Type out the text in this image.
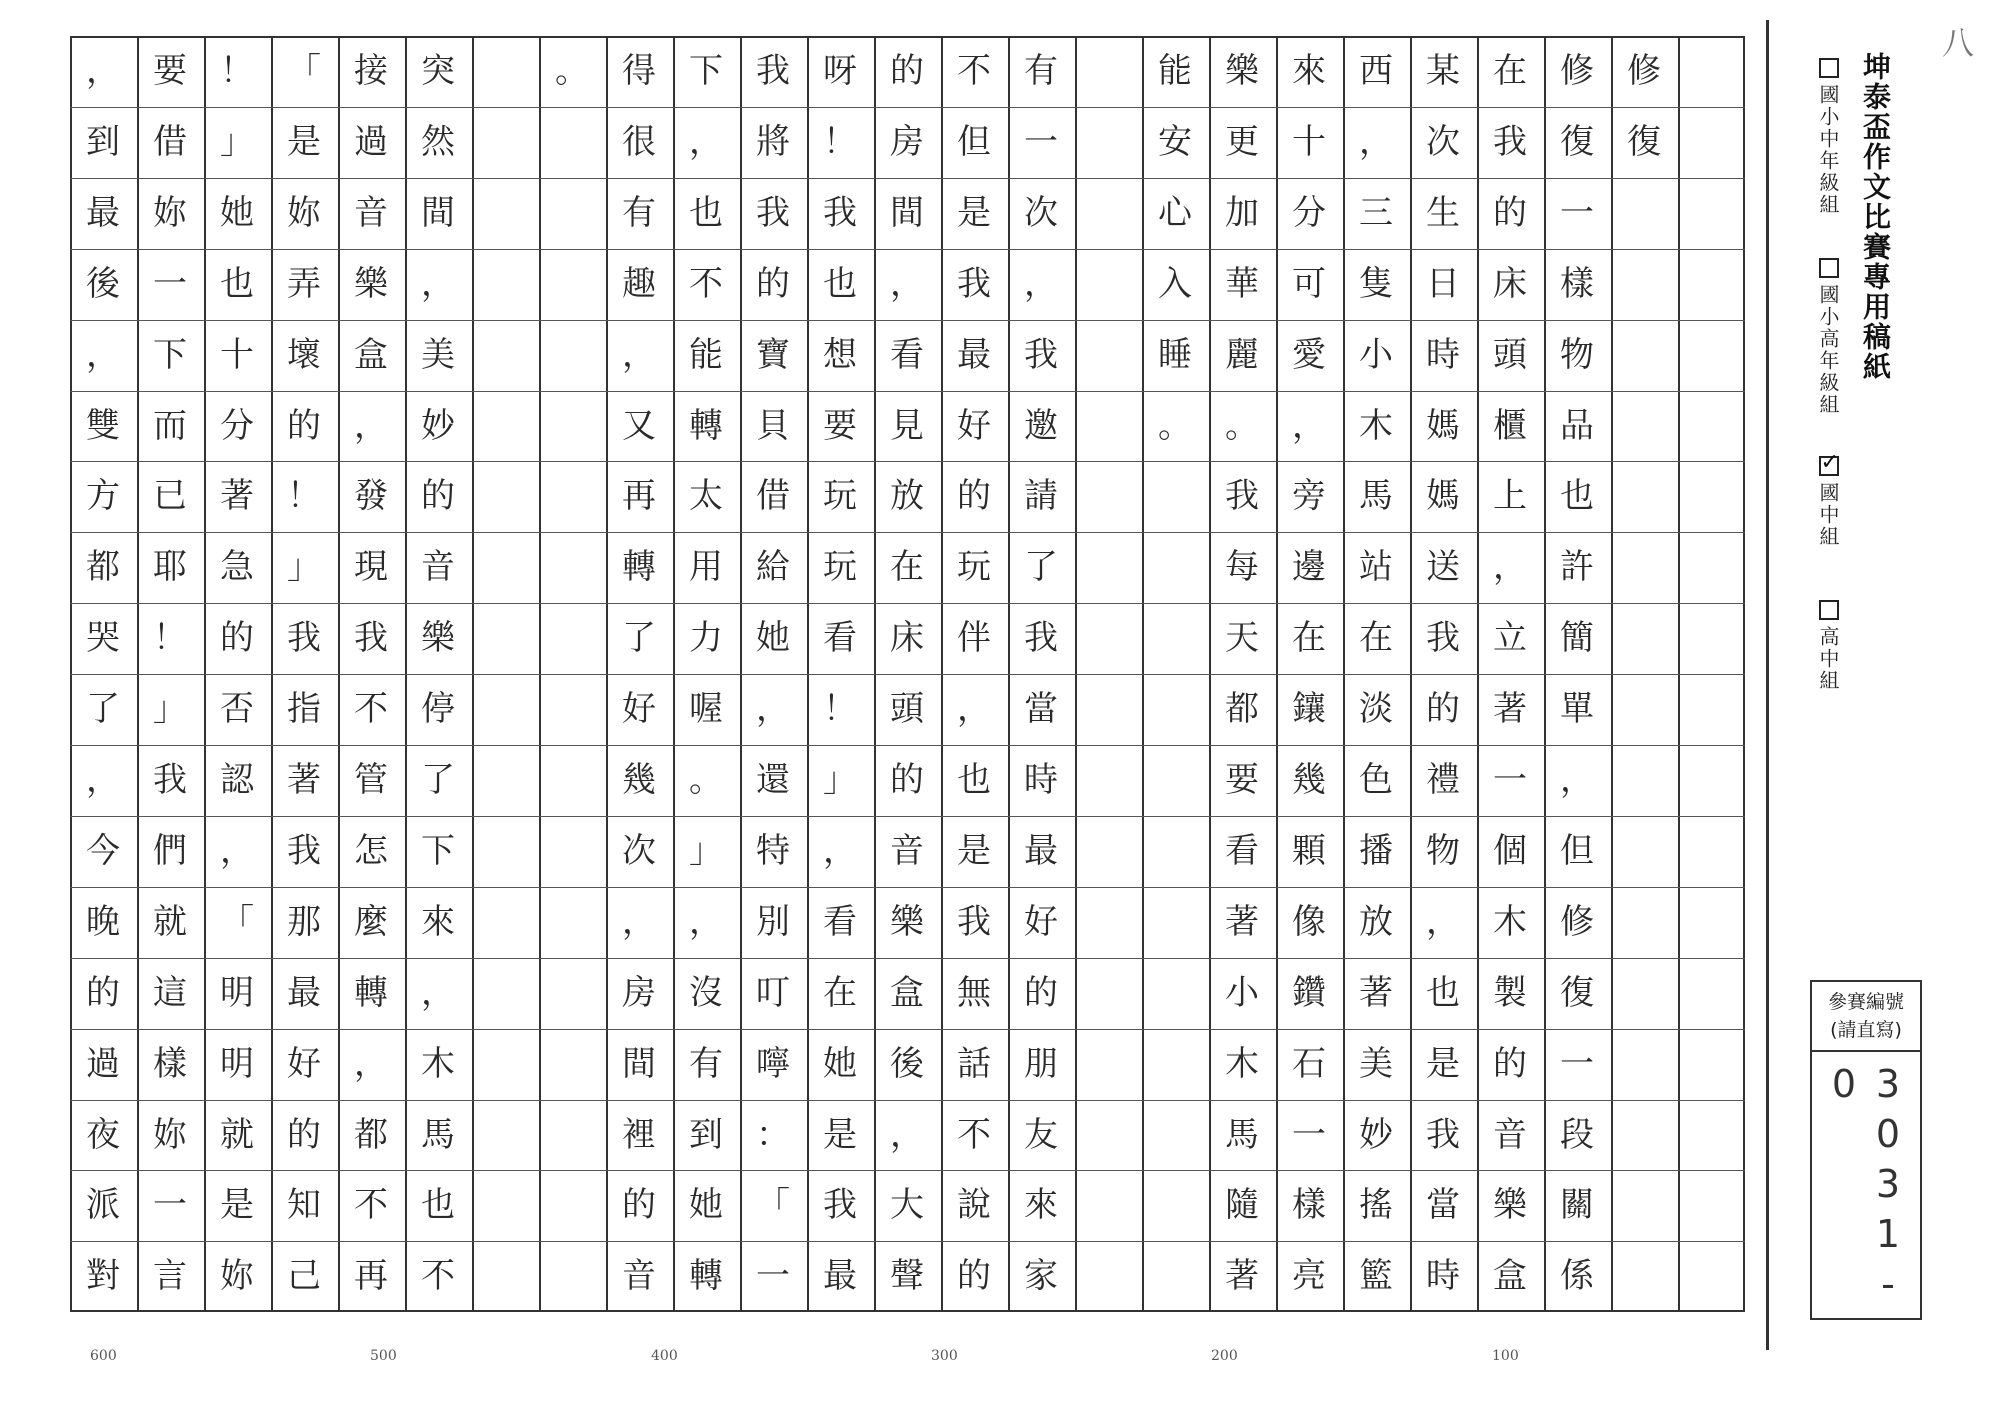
修
復
修
復
一
樣
物
品
也
許
簡
單
，
但
修
復
一
段
關
係
在
我
的
床
頭
櫃
上
，
立
著
一
個
木
製
的
音
樂
盒
某
次
生
日
時
媽
媽
送
我
的
禮
物
，
也
是
我
當
時
西
，
三
隻
小
木
馬
站
在
淡
色
播
放
著
美
妙
搖
籃
來
十
分
可
愛
，
旁
邊
在
鑲
幾
顆
像
鑽
石
一
樣
亮
樂
更
加
華
麗
。
我
每
天
都
要
看
著
小
木
馬
隨
著
能
安
心
入
睡
。
有
一
次
，
我
邀
請
了
我
當
時
最
好
的
朋
友
來
家
不
但
是
我
最
好
的
玩
伴
，
也
是
我
無
話
不
說
的
的
房
間
，
看
見
放
在
床
頭
的
音
樂
盒
後
，
大
聲
呀
！
我
也
想
要
玩
玩
看
！
」
，
看
在
她
是
我
最
我
將
我
的
寶
貝
借
給
她
，
還
特
別
叮
嚀
：
「
一
下
，
也
不
能
轉
太
用
力
喔
。
」
，
沒
有
到
她
轉
得
很
有
趣
，
又
再
轉
了
好
幾
次
，
房
間
裡
的
音
。
突
然
間
，
美
妙
的
音
樂
停
了
下
來
，
木
馬
也
不
接
過
音
樂
盒
，
發
現
我
不
管
怎
麼
轉
，
都
不
再
「
是
妳
弄
壞
的
！
」
我
指
著
我
那
最
好
的
知
己
！
」
她
也
十
分
著
急
的
否
認
，
「
明
明
就
是
妳
要
借
妳
一
下
而
已
耶
！
」
我
們
就
這
樣
妳
一
言
，
到
最
後
，
雙
方
都
哭
了
，
今
晚
的
過
夜
派
對
600	500	400	300	200	100
坤泰盃作文比賽專用稿紙
國小中年級組
國小高年級組
✓
國中組
高中組
參賽編號
(請直寫)
3031-0
八
